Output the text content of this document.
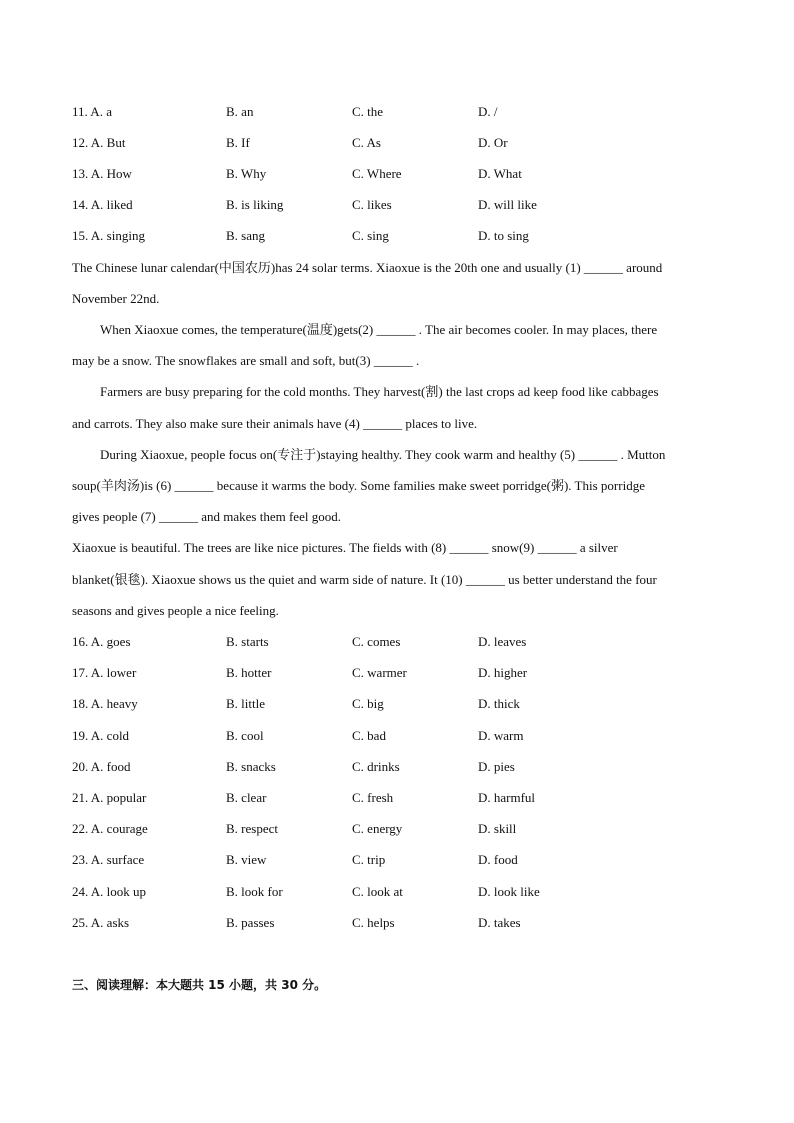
11. A. a	B. an	C. the	D. /
12. A. But	B. If	C. As	D. Or
13. A. How	B. Why	C. Where	D. What
14. A. liked	B. is liking	C. likes	D. will like
15. A. singing	B. sang	C. sing	D. to sing
The Chinese lunar calendar(中国农历)has 24 solar terms. Xiaoxue is the 20th one and usually (1) ______ around
November 22nd.
When Xiaoxue comes, the temperature(温度)gets(2) ______ . The air becomes cooler. In may places, there
may be a snow. The snowflakes are small and soft, but(3) ______ .
Farmers are busy preparing for the cold months. They harvest(割) the last crops ad keep food like cabbages
and carrots. They also make sure their animals have (4) ______ places to live.
During Xiaoxue, people focus on(专注于)staying healthy. They cook warm and healthy (5) ______ . Mutton
soup(羊肉汤)is (6) ______ because it warms the body. Some families make sweet porridge(粥). This porridge
gives people (7) ______ and makes them feel good.
Xiaoxue is beautiful. The trees are like nice pictures. The fields with (8) ______ snow(9) ______ a silver
blanket(银毯). Xiaoxue shows us the quiet and warm side of nature. It (10) ______ us better understand the four
seasons and gives people a nice feeling.
16. A. goes	B. starts	C. comes	D. leaves
17. A. lower	B. hotter	C. warmer	D. higher
18. A. heavy	B. little	C. big	D. thick
19. A. cold	B. cool	C. bad	D. warm
20. A. food	B. snacks	C. drinks	D. pies
21. A. popular	B. clear	C. fresh	D. harmful
22. A. courage	B. respect	C. energy	D. skill
23. A. surface	B. view	C. trip	D. food
24. A. look up	B. look for	C. look at	D. look like
25. A. asks	B. passes	C. helps	D. takes
三、阅读理解：本大题共 15 小题，共 30 分。
